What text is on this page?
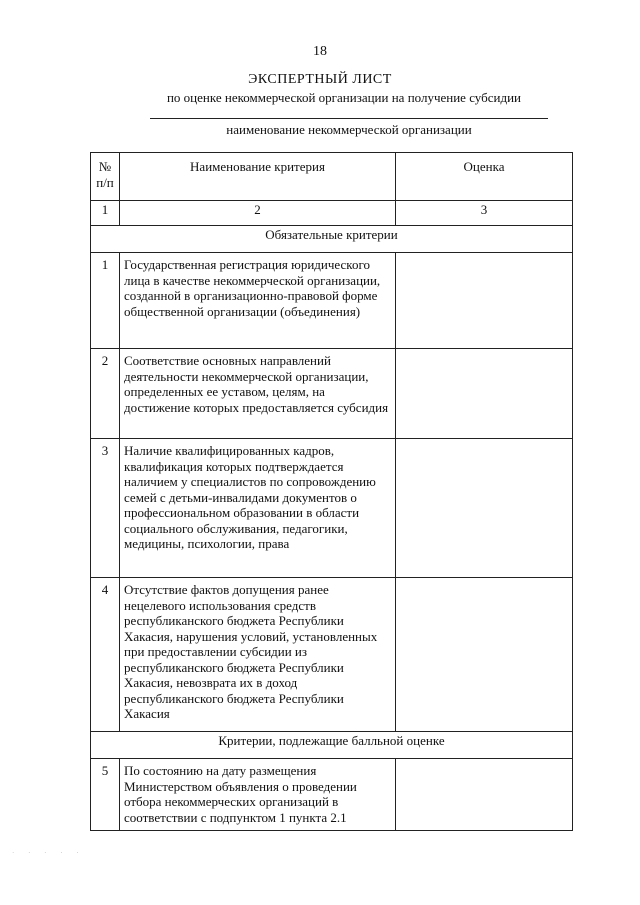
18
ЭКСПЕРТНЫЙ ЛИСТ
по оценке некоммерческой организации на получение субсидии
наименование некоммерческой организации
№ п/п	Наименование критерия	Оценка
1	2	3
Обязательные критерии		
1	Государственная регистрация юридического лица в качестве некоммерческой организации, созданной в организационно-правовой форме общественной организации (объединения)	
2	Соответствие основных направлений деятельности некоммерческой организации, определенных ее уставом, целям, на достижение которых предоставляется субсидия	
3	Наличие квалифицированных кадров, квалификация которых подтверждается наличием у специалистов по сопровождению семей с детьми-инвалидами документов о профессиональном образовании в области социального обслуживания, педагогики, медицины, психологии, права	
4	Отсутствие фактов допущения ранее нецелевого использования средств республиканского бюджета Республики Хакасия, нарушения условий, установленных при предоставлении субсидии из республиканского бюджета Республики Хакасия, невозврата их в доход республиканского бюджета Республики Хакасия	
Критерии, подлежащие балльной оценке		
5	По состоянию на дату размещения Министерством объявления о проведении отбора некоммерческих организаций в соответствии с подпунктом 1 пункта 2.1	
· · · · ·
